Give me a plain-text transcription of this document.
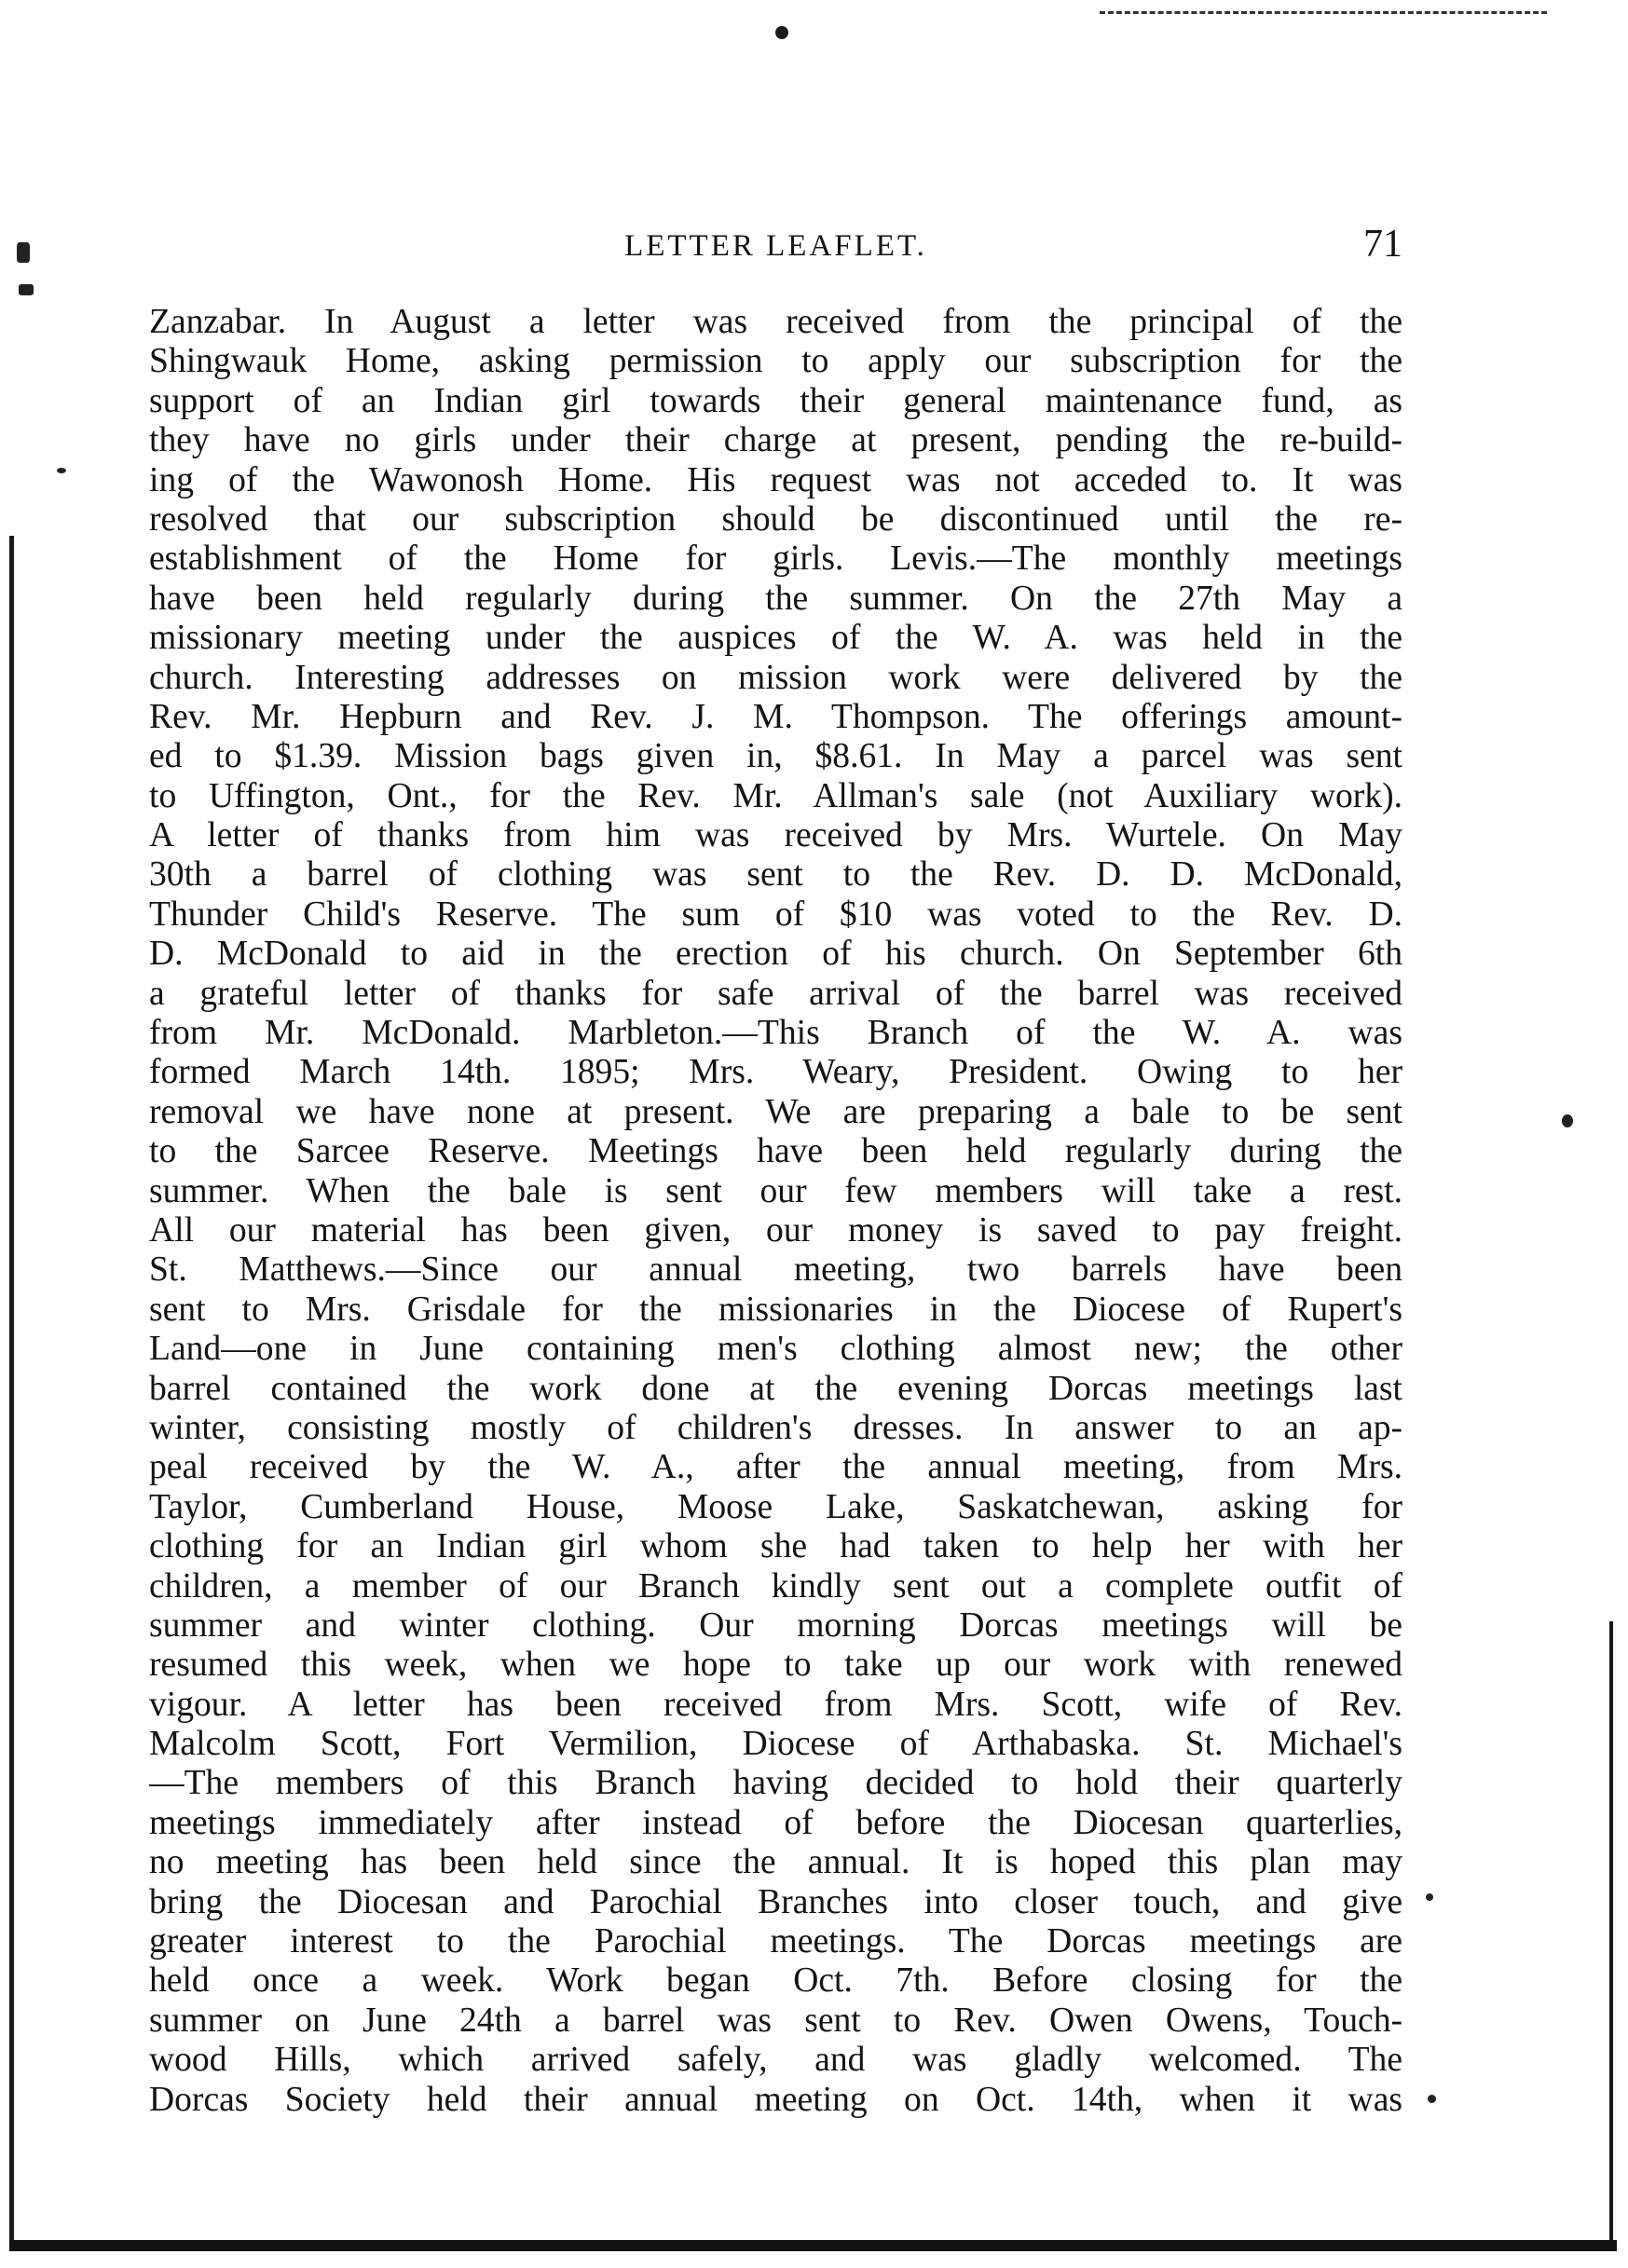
LETTER LEAFLET.	71
Zanzabar. In August a letter was received from the principal of the
Shingwauk Home, asking permission to apply our subscription for the
support of an Indian girl towards their general maintenance fund, as
they have no girls under their charge at present, pending the re-build-
ing of the Wawonosh Home. His request was not acceded to. It was
resolved that our subscription should be discontinued until the re-
establishment of the Home for girls. Levis.—The monthly meetings
have been held regularly during the summer. On the 27th May a
missionary meeting under the auspices of the W. A. was held in the
church. Interesting addresses on mission work were delivered by the
Rev. Mr. Hepburn and Rev. J. M. Thompson. The offerings amount-
ed to $1.39. Mission bags given in, $8.61. In May a parcel was sent
to Uffington, Ont., for the Rev. Mr. Allman's sale (not Auxiliary work).
A letter of thanks from him was received by Mrs. Wurtele. On May
30th a barrel of clothing was sent to the Rev. D. D. McDonald,
Thunder Child's Reserve. The sum of $10 was voted to the Rev. D.
D. McDonald to aid in the erection of his church. On September 6th
a grateful letter of thanks for safe arrival of the barrel was received
from Mr. McDonald. Marbleton.—This Branch of the W. A. was
formed March 14th. 1895; Mrs. Weary, President. Owing to her
removal we have none at present. We are preparing a bale to be sent
to the Sarcee Reserve. Meetings have been held regularly during the
summer. When the bale is sent our few members will take a rest.
All our material has been given, our money is saved to pay freight.
St. Matthews.—Since our annual meeting, two barrels have been
sent to Mrs. Grisdale for the missionaries in the Diocese of Rupert's
Land—one in June containing men's clothing almost new; the other
barrel contained the work done at the evening Dorcas meetings last
winter, consisting mostly of children's dresses. In answer to an ap-
peal received by the W. A., after the annual meeting, from Mrs.
Taylor, Cumberland House, Moose Lake, Saskatchewan, asking for
clothing for an Indian girl whom she had taken to help her with her
children, a member of our Branch kindly sent out a complete outfit of
summer and winter clothing. Our morning Dorcas meetings will be
resumed this week, when we hope to take up our work with renewed
vigour. A letter has been received from Mrs. Scott, wife of Rev.
Malcolm Scott, Fort Vermilion, Diocese of Arthabaska. St. Michael's
—The members of this Branch having decided to hold their quarterly
meetings immediately after instead of before the Diocesan quarterlies,
no meeting has been held since the annual. It is hoped this plan may
bring the Diocesan and Parochial Branches into closer touch, and give
greater interest to the Parochial meetings. The Dorcas meetings are
held once a week. Work began Oct. 7th. Before closing for the
summer on June 24th a barrel was sent to Rev. Owen Owens, Touch-
wood Hills, which arrived safely, and was gladly welcomed. The
Dorcas Society held their annual meeting on Oct. 14th, when it was
